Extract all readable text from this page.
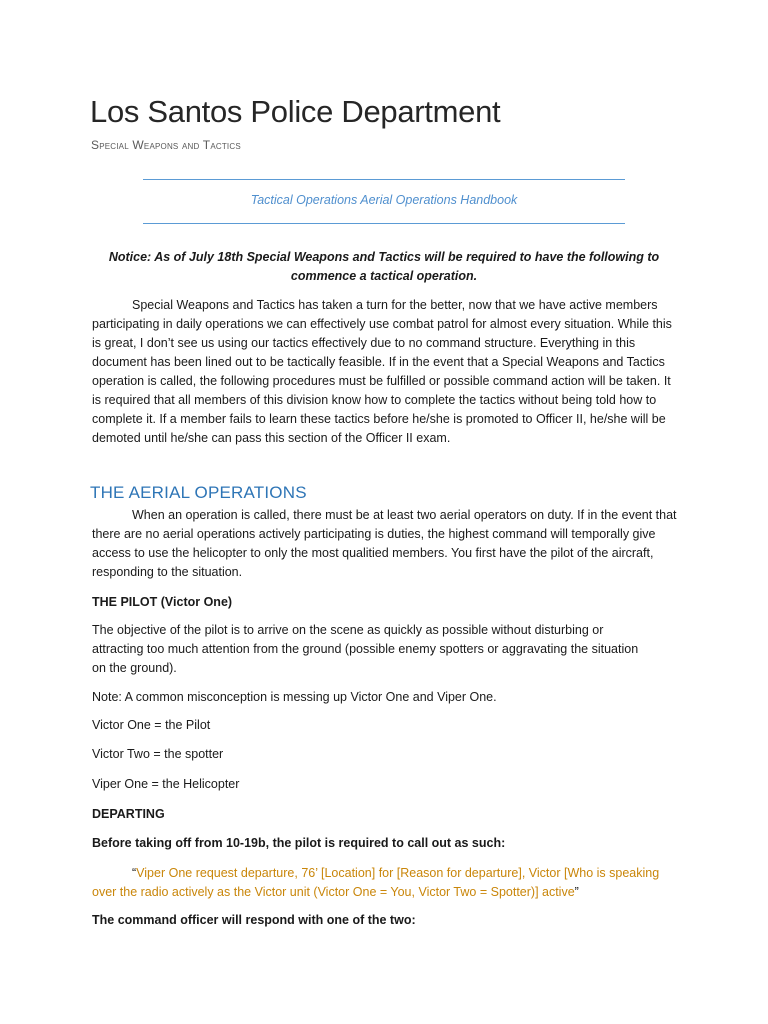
Los Santos Police Department

Special Weapons and Tactics

Tactical Operations Aerial Operations Handbook

Notice: As of July 18th Special Weapons and Tactics will be required to have the following to commence a tactical operation.

Special Weapons and Tactics has taken a turn for the better, now that we have active members participating in daily operations we can effectively use combat patrol for almost every situation. While this is great, I don’t see us using our tactics effectively due to no command structure. Everything in this document has been lined out to be tactically feasible. If in the event that a Special Weapons and Tactics operation is called, the following procedures must be fulfilled or possible command action will be taken. It is required that all members of this division know how to complete the tactics without being told how to complete it. If a member fails to learn these tactics before he/she is promoted to Officer II, he/she will be demoted until he/she can pass this section of the Officer II exam.

THE AERIAL OPERATIONS

When an operation is called, there must be at least two aerial operators on duty. If in the event that there are no aerial operations actively participating is duties, the highest command will temporally give access to use the helicopter to only the most qualitied members. You first have the pilot of the aircraft, responding to the situation.

THE PILOT (Victor One)

The objective of the pilot is to arrive on the scene as quickly as possible without disturbing or attracting too much attention from the ground (possible enemy spotters or aggravating the situation on the ground).

Note: A common misconception is messing up Victor One and Viper One.

Victor One = the Pilot

Victor Two = the spotter

Viper One = the Helicopter

DEPARTING

Before taking off from 10-19b, the pilot is required to call out as such:

“Viper One request departure, 76’ [Location] for [Reason for departure], Victor [Who is speaking over the radio actively as the Victor unit (Victor One = You, Victor Two = Spotter)] active”

The command officer will respond with one of the two:
